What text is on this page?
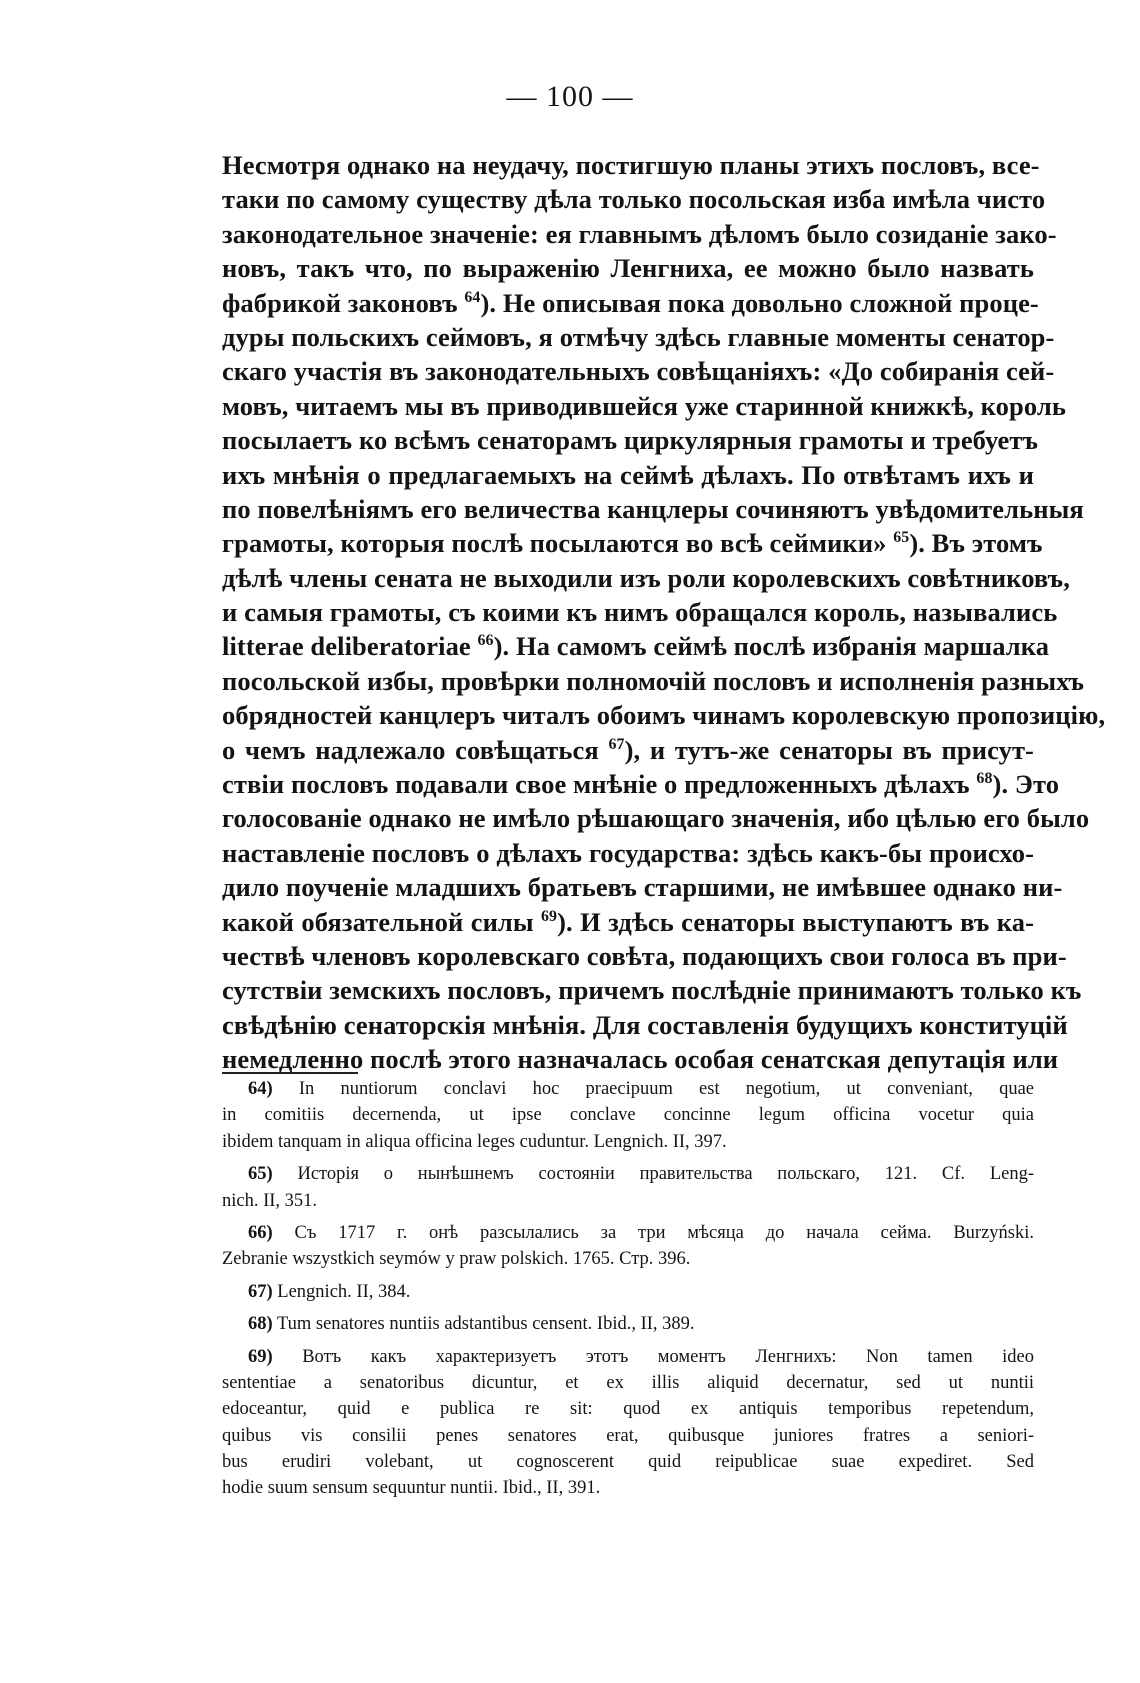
— 100 —
Несмотря однако на неудачу, постигшую планы этихъ пословъ, все-
таки по самому существу дѣла только посольская изба имѣла чисто
законодательное значеніе: ея главнымъ дѣломъ было созиданіе зако-
новъ, такъ что, по выраженію Ленгниха, ее можно было назвать
фабрикой законовъ $^{64}$). Не описывая пока довольно сложной проце-
дуры польскихъ сеймовъ, я отмѣчу здѣсь главные моменты сенатор-
скаго участія въ законодательныхъ совѣщаніяхъ: «До собиранія сей-
мовъ, читаемъ мы въ приводившейся уже старинной книжкѣ, король
посылаетъ ко всѣмъ сенаторамъ циркулярныя грамоты и требуетъ
ихъ мнѣнія о предлагаемыхъ на сеймѣ дѣлахъ. По отвѣтамъ ихъ и
по повелѣніямъ его величества канцлеры сочиняютъ увѣдомительныя
грамоты, которыя послѣ посылаются во всѣ сеймики» $^{65}$). Въ этомъ
дѣлѣ члены сената не выходили изъ роли королевскихъ совѣтниковъ,
и самыя грамоты, съ коими къ нимъ обращался король, назывались
litterae deliberatoriae $^{66}$). На самомъ сеймѣ послѣ избранія маршалка
посольской избы, провѣрки полномочій пословъ и исполненія разныхъ
обрядностей канцлеръ читалъ обоимъ чинамъ королевскую пропозицію,
о чемъ надлежало совѣщаться $^{67}$), и тутъ-же сенаторы въ присут-
ствіи пословъ подавали свое мнѣніе о предложенныхъ дѣлахъ $^{68}$). Это
голосованіе однако не имѣло рѣшающаго значенія, ибо цѣлью его было
наставленіе пословъ о дѣлахъ государства: здѣсь какъ-бы происхо-
дило поученіе младшихъ братьевъ старшими, не имѣвшее однако ни-
какой обязательной силы $^{69}$). И здѣсь сенаторы выступаютъ въ ка-
чествѣ членовъ королевскаго совѣта, подающихъ свои голоса въ при-
сутствіи земскихъ пословъ, причемъ послѣдніе принимаютъ только къ
свѣдѣнію сенаторскія мнѣнія. Для составленія будущихъ конституцій
немедленно послѣ этого назначалась особая сенатская депутація или
64) In nuntiorum conclavi hoc praecipuum est negotium, ut conveniant, quae
in comitiis decernenda, ut ipse conclave concinne legum officina vocetur quia
ibidem tanquam in aliqua officina leges cuduntur. Lengnich. II, 397.
65) Исторія о нынѣшнемъ состояніи правительства польскаго, 121. Cf. Leng-
nich. II, 351.
66) Съ 1717 г. онѣ разсылались за три мѣсяца до начала сейма. Burzyński.
Zebranie wszystkich seymów y praw polskich. 1765. Стр. 396.
67) Lengnich. II, 384.
68) Tum senatores nuntiis adstantibus censent. Ibid., II, 389.
69) Вотъ какъ характеризуетъ этотъ моментъ Ленгнихъ: Non tamen ideo
sententiae a senatoribus dicuntur, et ex illis aliquid decernatur, sed ut nuntii
edoceantur, quid e publica re sit: quod ex antiquis temporibus repetendum,
quibus vis consilii penes senatores erat, quibusque juniores fratres a seniori-
bus erudiri volebant, ut cognoscerent quid reipublicae suae expediret. Sed
hodie suum sensum sequuntur nuntii. Ibid., II, 391.
